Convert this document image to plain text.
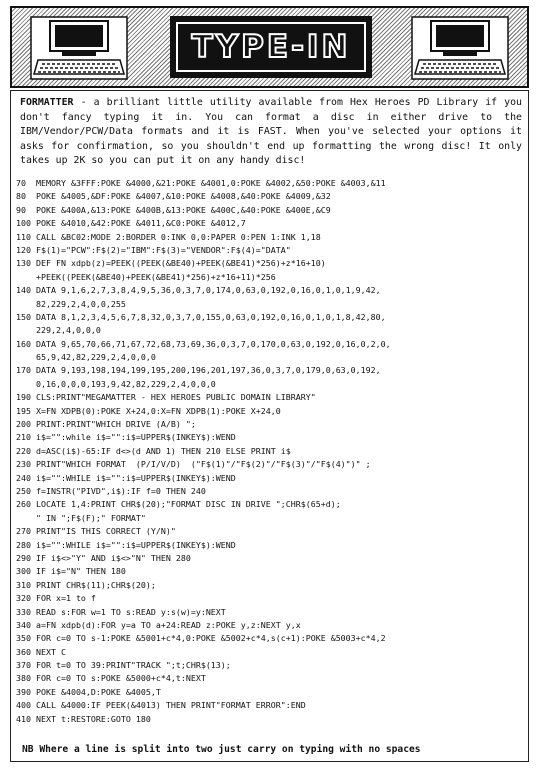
TYPE-IN

FORMATTER - a brilliant little utility available from Hex Heroes PD Library if you don't fancy typing it in. You can format a disc in either drive to the IBM/Vendor/PCW/Data formats and it is FAST. When you've selected your options it asks for confirmation, so you shouldn't end up formatting the wrong disc! It only takes up 2K so you can put it on any handy disc!

70  MEMORY &3FFF:POKE &4000,&21:POKE &4001,0:POKE &4002,&50:POKE &4003,&11
80  POKE &4005,&DF:POKE &4007,&10:POKE &4008,&40:POKE &4009,&32
90  POKE &400A,&13:POKE &400B,&13:POKE &400C,&40:POKE &400E,&C9
100 POKE &4010,&42:POKE &4011,&C0:POKE &4012,7
110 CALL &BC02:MODE 2:BORDER 0:INK 0,0:PAPER 0:PEN 1:INK 1,18
120 F$(1)="PCW":F$(2)="IBM":F$(3)="VENDOR":F$(4)="DATA"
130 DEF FN xdpb(z)=PEEK((PEEK(&BE40)+PEEK(&BE41)*256)+z*16+10)
+PEEK((PEEK(&BE40)+PEEK(&BE41)*256)+z*16+11)*256
140 DATA 9,1,6,2,7,3,8,4,9,5,36,0,3,7,0,174,0,63,0,192,0,16,0,1,0,1,9,42,
82,229,2,4,0,0,255
150 DATA 8,1,2,3,4,5,6,7,8,32,0,3,7,0,155,0,63,0,192,0,16,0,1,0,1,8,42,80,
229,2,4,0,0,0
160 DATA 9,65,70,66,71,67,72,68,73,69,36,0,3,7,0,170,0,63,0,192,0,16,0,2,0,
65,9,42,82,229,2,4,0,0,0
170 DATA 9,193,198,194,199,195,200,196,201,197,36,0,3,7,0,179,0,63,0,192,
0,16,0,0,0,193,9,42,82,229,2,4,0,0,0
190 CLS:PRINT"MEGAMATTER - HEX HEROES PUBLIC DOMAIN LIBRARY"
195 X=FN XDPB(0):POKE X+24,0:X=FN XDPB(1):POKE X+24,0
200 PRINT:PRINT"WHICH DRIVE (A/B) ";
210 i$="":while i$="":i$=UPPER$(INKEY$):WEND
220 d=ASC(i$)-65:IF d<>(d AND 1) THEN 210 ELSE PRINT i$
230 PRINT"WHICH FORMAT  (P/I/V/D)  ("F$(1)"/"F$(2)"/"F$(3)"/"F$(4)")" ;
240 i$="":WHILE i$="":i$=UPPER$(INKEY$):WEND
250 f=INSTR("PIVD",i$):IF f=0 THEN 240
260 LOCATE 1,4:PRINT CHR$(20);"FORMAT DISC IN DRIVE ";CHR$(65+d);
" IN ";F$(F);" FORMAT"
270 PRINT"IS THIS CORRECT (Y/N)"
280 i$="":WHILE i$="":i$=UPPER$(INKEY$):WEND
290 IF i$<>"Y" AND i$<>"N" THEN 280
300 IF i$="N" THEN 180
310 PRINT CHR$(11);CHR$(20);
320 FOR x=1 to f
330 READ s:FOR w=1 TO s:READ y:s(w)=y:NEXT
340 a=FN xdpb(d):FOR y=a TO a+24:READ z:POKE y,z:NEXT y,x
350 FOR c=0 TO s-1:POKE &5001+c*4,0:POKE &5002+c*4,s(c+1):POKE &5003+c*4,2
360 NEXT C
370 FOR t=0 TO 39:PRINT"TRACK ";t;CHR$(13);
380 FOR c=0 TO s:POKE &5000+c*4,t:NEXT
390 POKE &4004,D:POKE &4005,T
400 CALL &4000:IF PEEK(&4013) THEN PRINT"FORMAT ERROR":END
410 NEXT t:RESTORE:GOTO 180
NB Where a line is split into two just carry on typing with no spaces
